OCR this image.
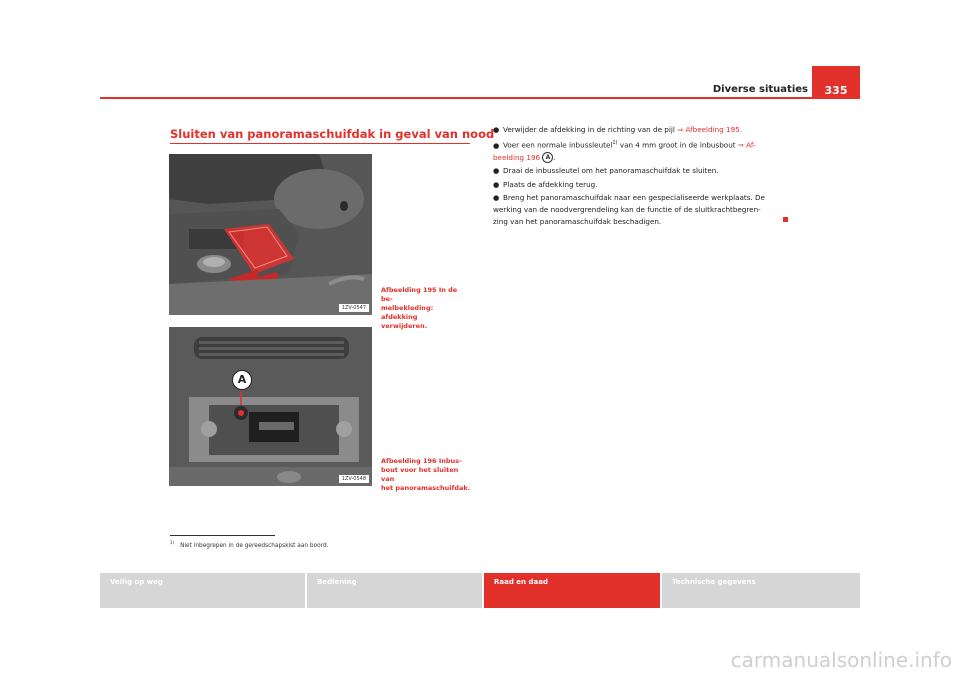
Diverse situaties	335
Sluiten van panoramaschuifdak in geval van nood
1ZV-0547
Afbeelding 195 In de be-
melbekleding: afdekking
verwijderen.
A
1ZV-0548
Afbeelding 196 Inbus-
bout voor het sluiten van
het panoramaschuifdak.
● Verwijder de afdekking in de richting van de pijl ⇒ Afbeelding 195.
● Voer een normale inbussleutel$^{1)}$ van 4 mm groot in de inbusbout ⇒ Af-
beelding 196 A .
● Draai de inbussleutel om het panoramaschuifdak te sluiten.
● Plaats de afdekking terug.
● Breng het panoramaschuifdak naar een gespecialiseerde werkplaats. De werking van de noodvergrendeling kan de functie of de sluitkrachtbegren-
zing van het panoramaschuifdak beschadigen.
$^{1)}$Niet inbegrepen in de gereedschapskist aan boord.
Veilig op weg	Bediening	Raad en daad	Technische gegevens
carmanualsonline.info
